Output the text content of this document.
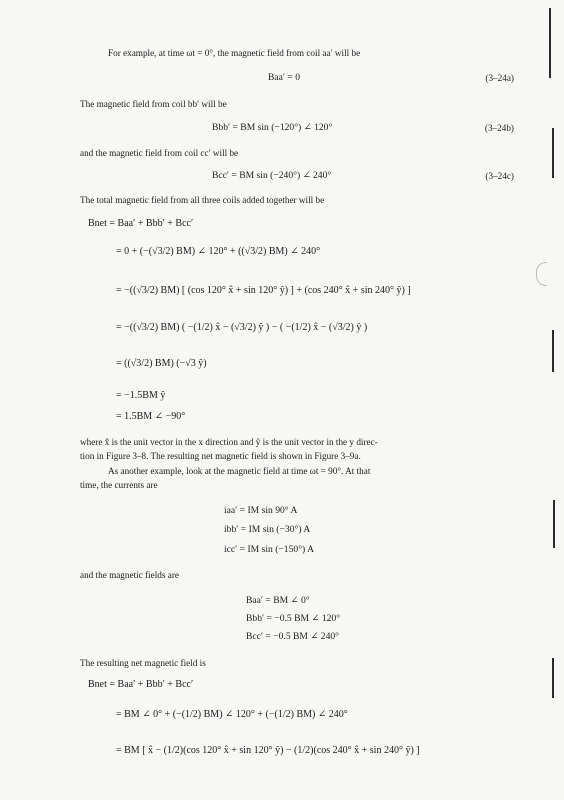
For example, at time ωt = 0°, the magnetic field from coil aa′ will be
Baa′ = 0	(3–24a)
The magnetic field from coil bb′ will be
Bbb′ = BM sin (−120°) ∠ 120°	(3–24b)
and the magnetic field from coil cc′ will be
Bcc′ = BM sin (−240°) ∠ 240°	(3–24c)
The total magnetic field from all three coils added together will be
Bnet = Baa′ + Bbb′ + Bcc′
= 0 + (−(√3/2) BM) ∠ 120° + ((√3/2) BM) ∠ 240°
= −((√3/2) BM) [ (cos 120° x̂ + sin 120° ŷ) ] + (cos 240° x̂ + sin 240° ŷ) ]
= −((√3/2) BM) ( −(1/2) x̂ − (√3/2) ŷ ) − ( −(1/2) x̂ − (√3/2) ŷ )
= ((√3/2) BM) (−√3 ŷ)
= −1.5BM ŷ
= 1.5BM ∠ −90°
where x̂ is the unit vector in the x direction and ŷ is the unit vector in the y direc-
tion in Figure 3–8. The resulting net magnetic field is shown in Figure 3–9a.
As another example, look at the magnetic field at time ωt = 90°. At that
time, the currents are
iaa′ = IM sin 90° A
ibb′ = IM sin (−30°) A
icc′ = IM sin (−150°) A
and the magnetic fields are
Baa′ = BM ∠ 0°
Bbb′ = −0.5 BM ∠ 120°
Bcc′ = −0.5 BM ∠ 240°
The resulting net magnetic field is
Bnet = Baa′ + Bbb′ + Bcc′
= BM ∠ 0° + (−(1/2) BM) ∠ 120° + (−(1/2) BM) ∠ 240°
= BM [ x̂ − (1/2)(cos 120° x̂ + sin 120° ŷ) − (1/2)(cos 240° x̂ + sin 240° ŷ) ]
